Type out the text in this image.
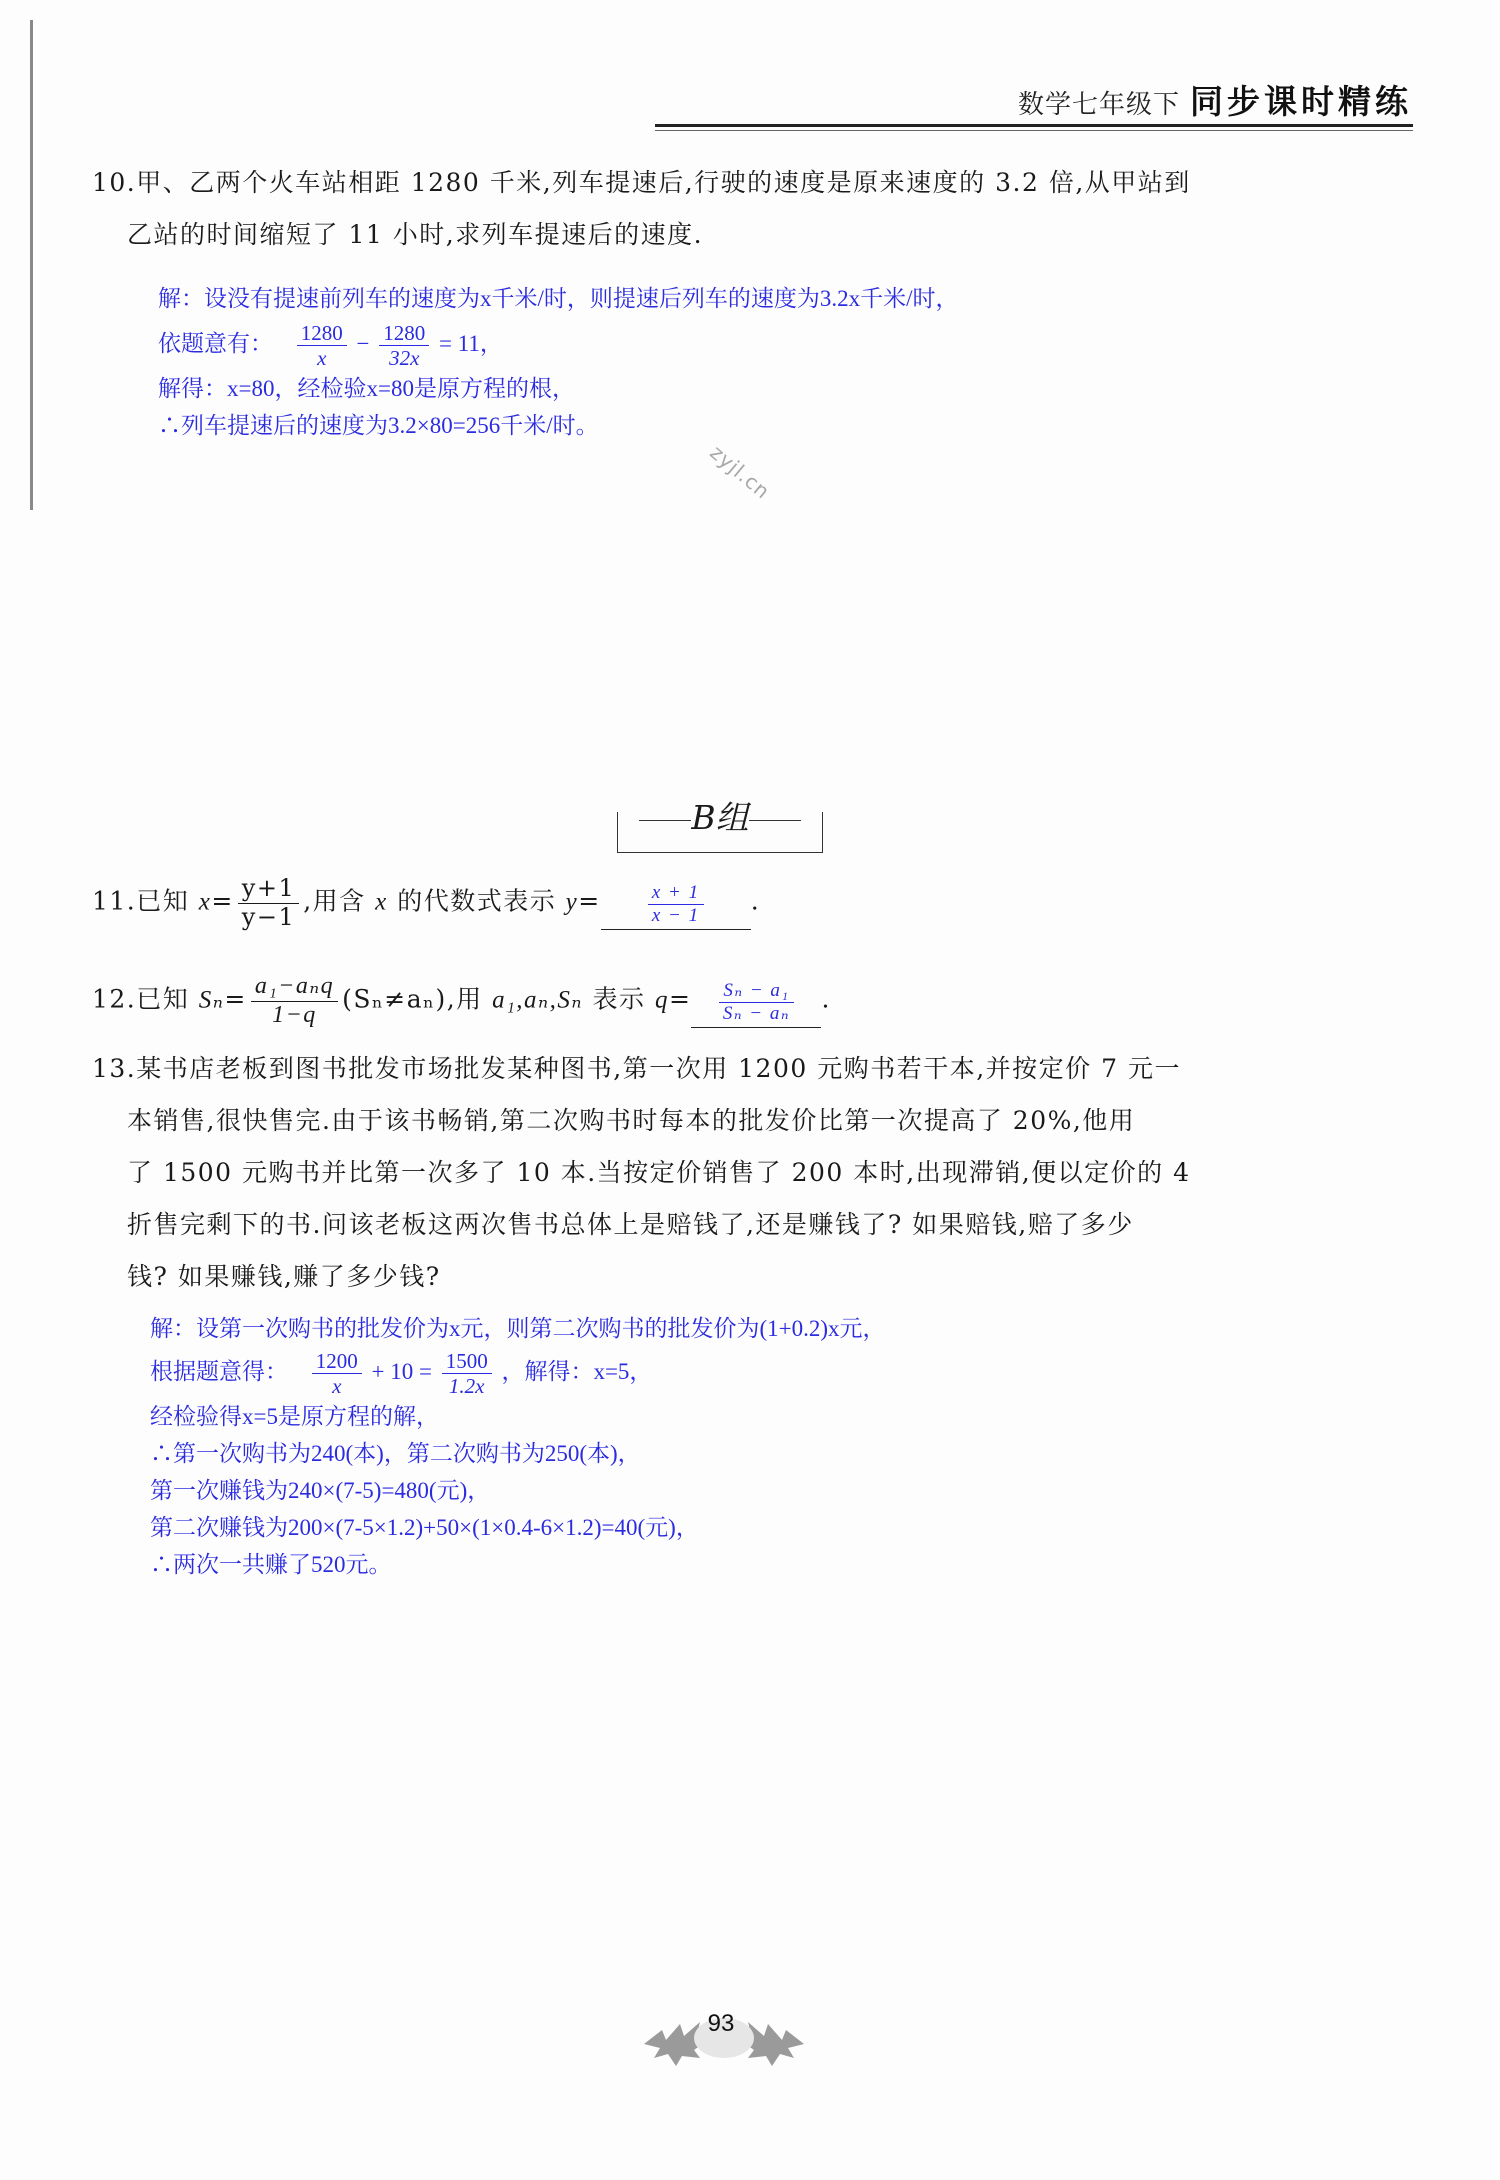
数学七年级下 同步课时精练
10.甲、乙两个火车站相距 1280 千米,列车提速后,行驶的速度是原来速度的 3.2 倍,从甲站到
乙站的时间缩短了 11 小时,求列车提速后的速度.
解：设没有提速前列车的速度为x千米/时，则提速后列车的速度为3.2x千米/时，
依题意有： $\frac{1280}{x} - \frac{1280}{32x} = 11$，
解得：x=80，经检验x=80是原方程的根，
∴列车提速后的速度为3.2×80=256千米/时。
zyjl.cn
B组
11.已知 $x= \frac{y+1}{y-1}$ ,用含 x 的代数式表示 $y= \frac{x + 1}{x - 1}$ .
12.已知 $S_n= \frac{\text{a₁−aₙq}}{1-q} (S_n\ne a_n)$,用 a₁,aₙ,Sₙ 表示 $q= \frac{\text{Sₙ − a₁}}{\text{Sₙ − aₙ}}$ .
13.某书店老板到图书批发市场批发某种图书,第一次用 1200 元购书若干本,并按定价 7 元一
本销售,很快售完.由于该书畅销,第二次购书时每本的批发价比第一次提高了 20%,他用
了 1500 元购书并比第一次多了 10 本.当按定价销售了 200 本时,出现滞销,便以定价的 4
折售完剩下的书.问该老板这两次售书总体上是赔钱了,还是赚钱了? 如果赔钱,赔了多少
钱? 如果赚钱,赚了多少钱?
解：设第一次购书的批发价为x元，则第二次购书的批发价为(1+0.2)x元，
根据题意得： $\frac{1200}{x} + 10 = \frac{1500}{1.2x}$ ，解得：x=5，
经检验得x=5是原方程的解，
∴第一次购书为240(本)，第二次购书为250(本)，
第一次赚钱为240×(7-5)=480(元)，
第二次赚钱为200×(7-5×1.2)+50×(1×0.4-6×1.2)=40(元)，
∴两次一共赚了520元。
93
